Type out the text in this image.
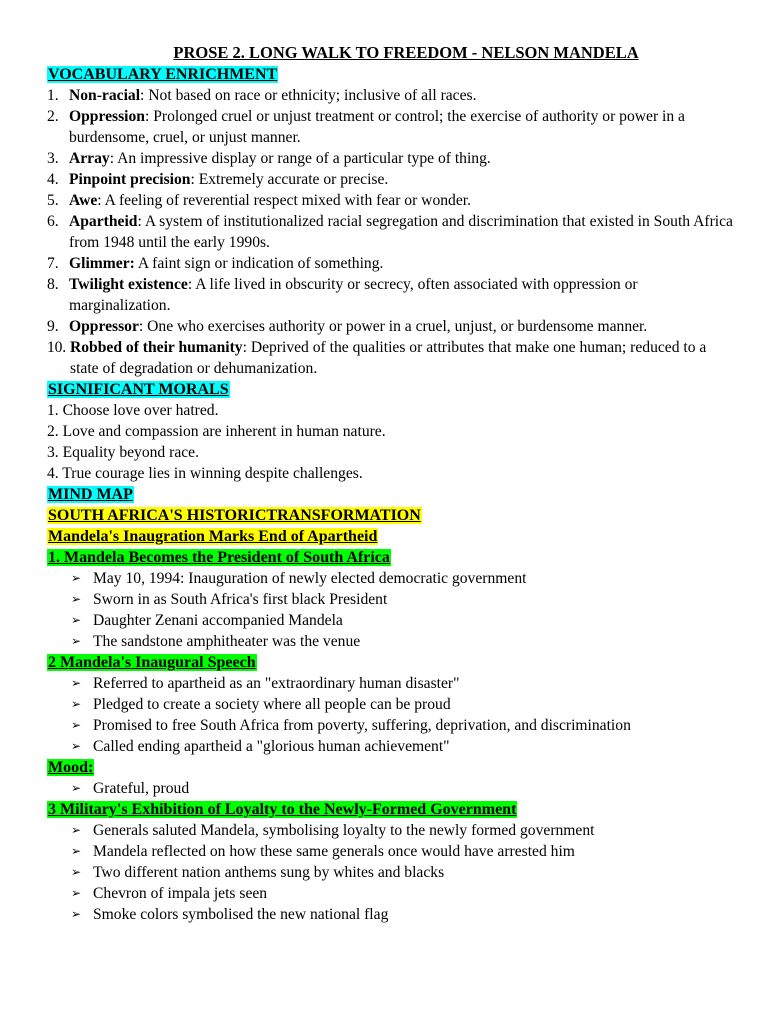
PROSE 2. LONG WALK TO FREEDOM - NELSON MANDELA
VOCABULARY ENRICHMENT
1. Non-racial: Not based on race or ethnicity; inclusive of all races.
2. Oppression: Prolonged cruel or unjust treatment or control; the exercise of authority or power in a burdensome, cruel, or unjust manner.
3. Array: An impressive display or range of a particular type of thing.
4. Pinpoint precision: Extremely accurate or precise.
5. Awe: A feeling of reverential respect mixed with fear or wonder.
6. Apartheid: A system of institutionalized racial segregation and discrimination that existed in South Africa from 1948 until the early 1990s.
7. Glimmer: A faint sign or indication of something.
8. Twilight existence: A life lived in obscurity or secrecy, often associated with oppression or marginalization.
9. Oppressor: One who exercises authority or power in a cruel, unjust, or burdensome manner.
10. Robbed of their humanity: Deprived of the qualities or attributes that make one human; reduced to a state of degradation or dehumanization.
SIGNIFICANT MORALS
1. Choose love over hatred.
2. Love and compassion are inherent in human nature.
3. Equality beyond race.
4. True courage lies in winning despite challenges.
MIND MAP
SOUTH AFRICA'S HISTORICTRANSFORMATION
Mandela's Inaugration Marks End of Apartheid
1. Mandela Becomes the President of South Africa
➢ May 10, 1994: Inauguration of newly elected democratic government
➢ Sworn in as South Africa's first black President
➢ Daughter Zenani accompanied Mandela
➢ The sandstone amphitheater was the venue
2 Mandela's Inaugural Speech
➢ Referred to apartheid as an "extraordinary human disaster"
➢ Pledged to create a society where all people can be proud
➢ Promised to free South Africa from poverty, suffering, deprivation, and discrimination
➢ Called ending apartheid a "glorious human achievement"
Mood:
➢ Grateful, proud
3 Military's Exhibition of Loyalty to the Newly-Formed Government
➢ Generals saluted Mandela, symbolising loyalty to the newly formed government
➢ Mandela reflected on how these same generals once would have arrested him
➢ Two different nation anthems sung by whites and blacks
➢ Chevron of impala jets seen
➢ Smoke colors symbolised the new national flag
